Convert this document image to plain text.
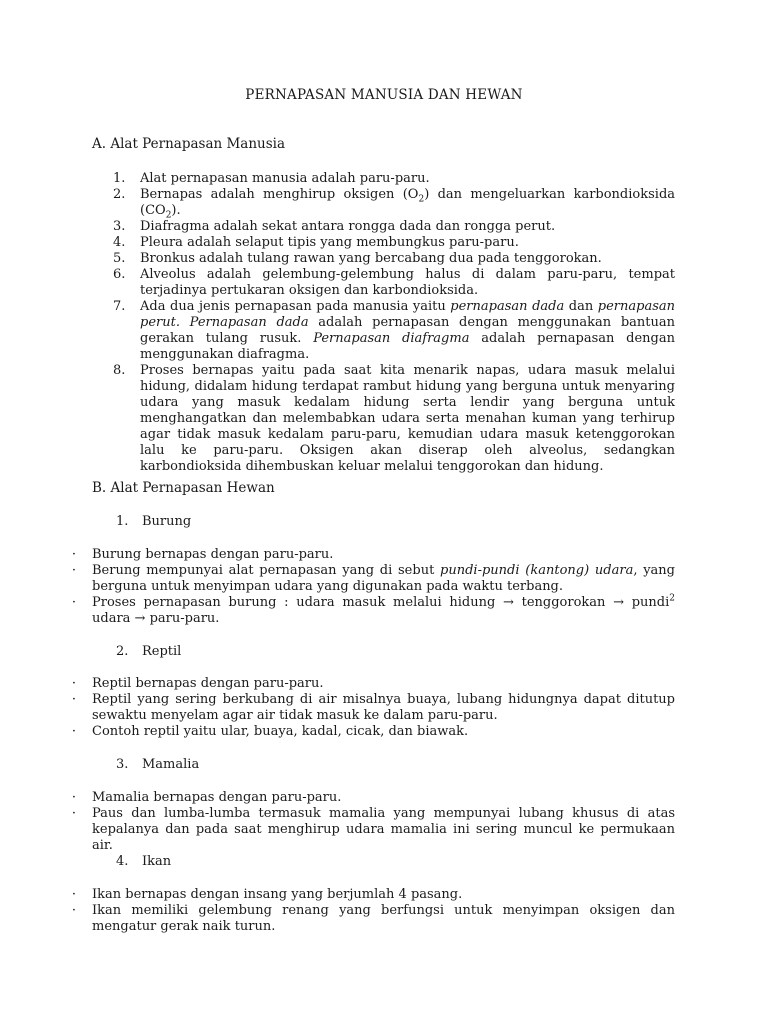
PERNAPASAN MANUSIA DAN HEWAN
A. Alat Pernapasan Manusia
1. Alat pernapasan manusia adalah paru-paru.
2. Bernapas adalah menghirup oksigen $(O_2)$ dan mengeluarkan karbondioksida $(CO_2)$.
3. Diafragma adalah sekat antara rongga dada dan rongga perut.
4. Pleura adalah selaput tipis yang membungkus paru-paru.
5. Bronkus adalah tulang rawan yang bercabang dua pada tenggorokan.
6. Alveolus adalah gelembung-gelembung halus di dalam paru-paru, tempat terjadinya pertukaran oksigen dan karbondioksida.
7. Ada dua jenis pernapasan pada manusia yaitu pernapasan dada dan pernapasan perut. Pernapasan dada adalah pernapasan dengan menggunakan bantuan gerakan tulang rusuk. Pernapasan diafragma adalah pernapasan dengan menggunakan diafragma.
8. Proses bernapas yaitu pada saat kita menarik napas, udara masuk melalui hidung, didalam hidung terdapat rambut hidung yang berguna untuk menyaring udara yang masuk kedalam hidung serta lendir yang berguna untuk menghangatkan dan melembabkan udara serta menahan kuman yang terhirup agar tidak masuk kedalam paru-paru, kemudian udara masuk ketenggorokan lalu ke paru-paru. Oksigen akan diserap oleh alveolus, sedangkan karbondioksida dihembuskan keluar melalui tenggorokan dan hidung.
B. Alat Pernapasan Hewan
1. Burung
·	Burung bernapas dengan paru-paru.
·	Berung mempunyai alat pernapasan yang di sebut pundi-pundi (kantong) udara, yang berguna untuk menyimpan udara yang digunakan pada waktu terbang.
·	Proses pernapasan burung : udara masuk melalui hidung → tenggorokan → pundi$^2$ udara → paru-paru.
2. Reptil
·	Reptil bernapas dengan paru-paru.
·	Reptil yang sering berkubang di air misalnya buaya, lubang hidungnya dapat ditutup sewaktu menyelam agar air tidak masuk ke dalam paru-paru.
·	Contoh reptil yaitu ular, buaya, kadal, cicak, dan biawak.
3. Mamalia
·	Mamalia bernapas dengan paru-paru.
·	Paus dan lumba-lumba termasuk mamalia yang mempunyai lubang khusus di atas kepalanya dan pada saat menghirup udara mamalia ini sering muncul ke permukaan air.
4. Ikan
·	Ikan bernapas dengan insang yang berjumlah 4 pasang.
·	Ikan memiliki gelembung renang yang berfungsi untuk menyimpan oksigen dan mengatur gerak naik turun.
